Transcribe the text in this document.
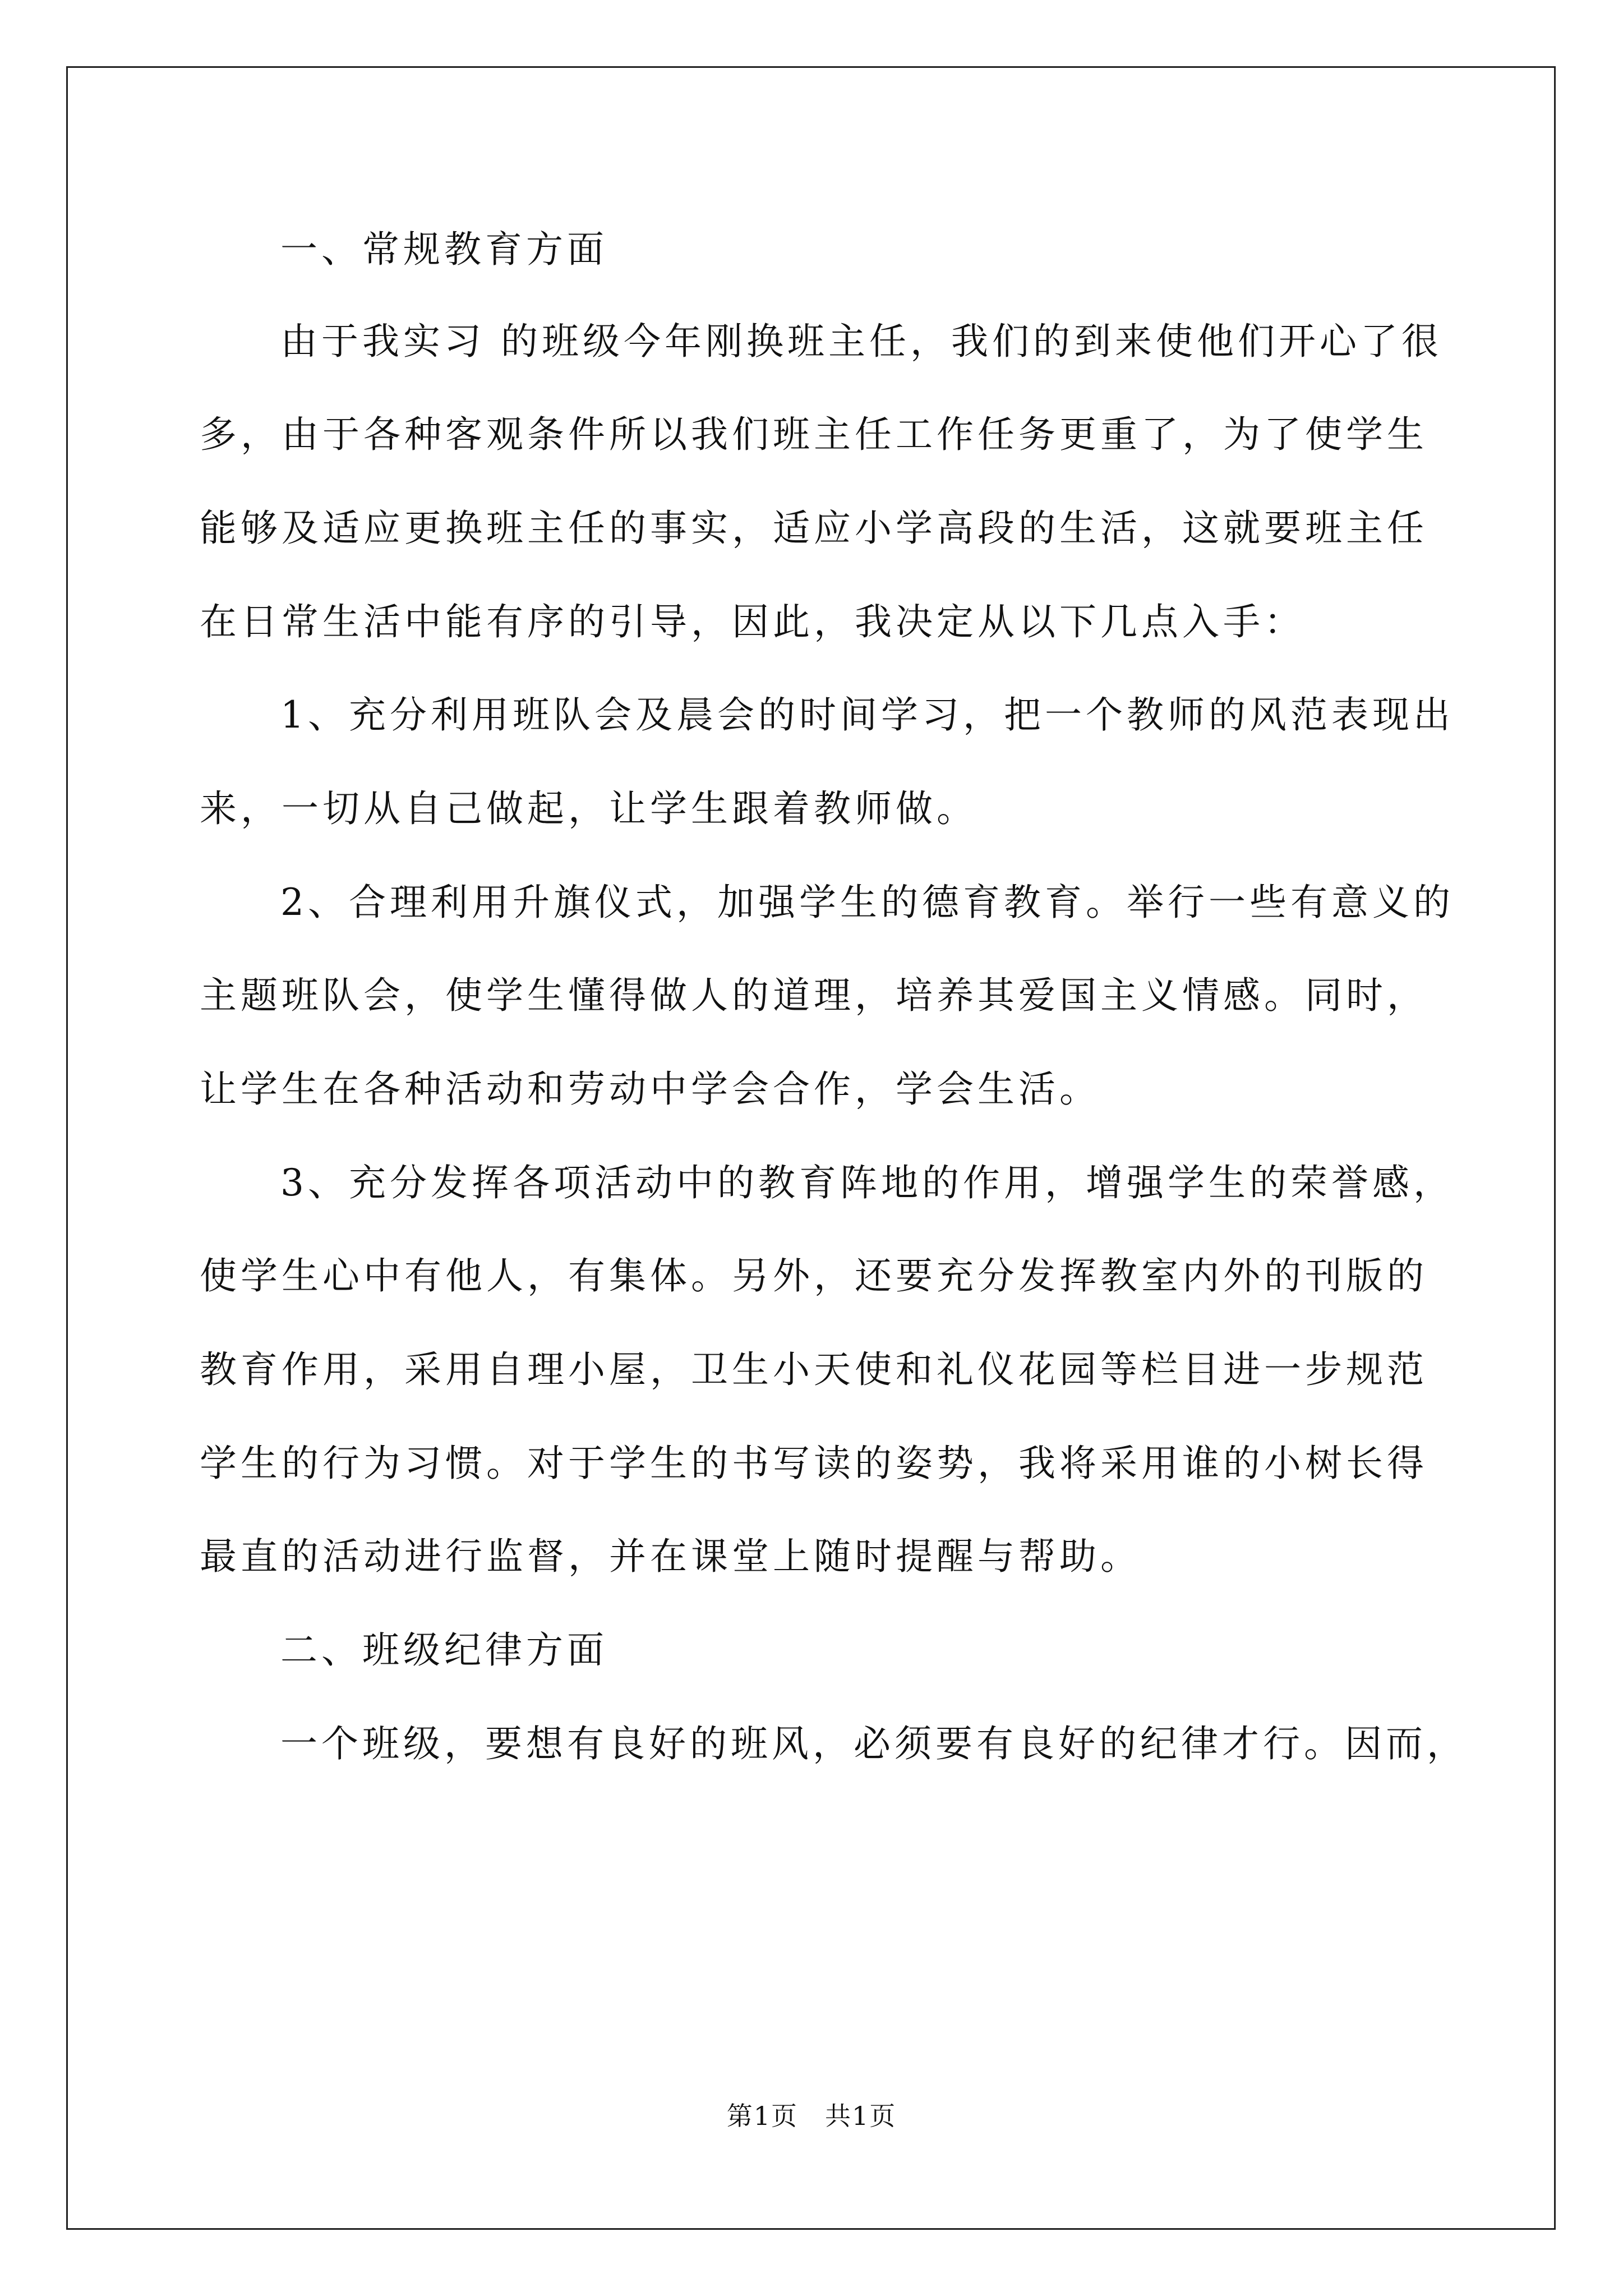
一、常规教育方面
由于我实习 的班级今年刚换班主任，我们的到来使他们开心了很
多，由于各种客观条件所以我们班主任工作任务更重了，为了使学生
能够及适应更换班主任的事实，适应小学高段的生活，这就要班主任
在日常生活中能有序的引导，因此，我决定从以下几点入手：
1、充分利用班队会及晨会的时间学习，把一个教师的风范表现出
来，一切从自己做起，让学生跟着教师做。
2、合理利用升旗仪式，加强学生的德育教育。举行一些有意义的
主题班队会，使学生懂得做人的道理，培养其爱国主义情感。同时，
让学生在各种活动和劳动中学会合作，学会生活。
3、充分发挥各项活动中的教育阵地的作用，增强学生的荣誉感，
使学生心中有他人，有集体。另外，还要充分发挥教室内外的刊版的
教育作用，采用自理小屋，卫生小天使和礼仪花园等栏目进一步规范
学生的行为习惯。对于学生的书写读的姿势，我将采用谁的小树长得
最直的活动进行监督，并在课堂上随时提醒与帮助。
二、班级纪律方面
一个班级，要想有良好的班风，必须要有良好的纪律才行。因而，
第1页　共1页
